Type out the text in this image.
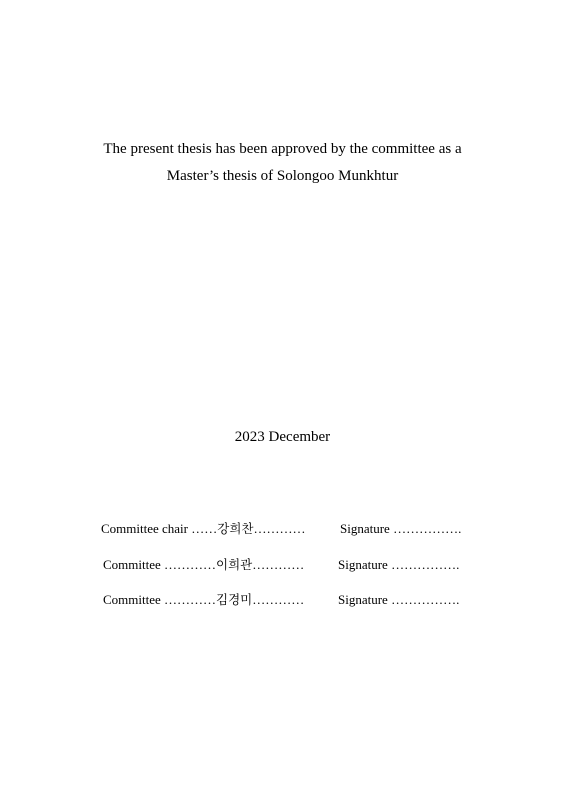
The present thesis has been approved by the committee as a
Master’s thesis of Solongoo Munkhtur
2023 December
Committee chair ……강희찬…………	Signature …………….
Committee …………이희관…………	Signature …………….
Committee …………김경미…………	Signature …………….
